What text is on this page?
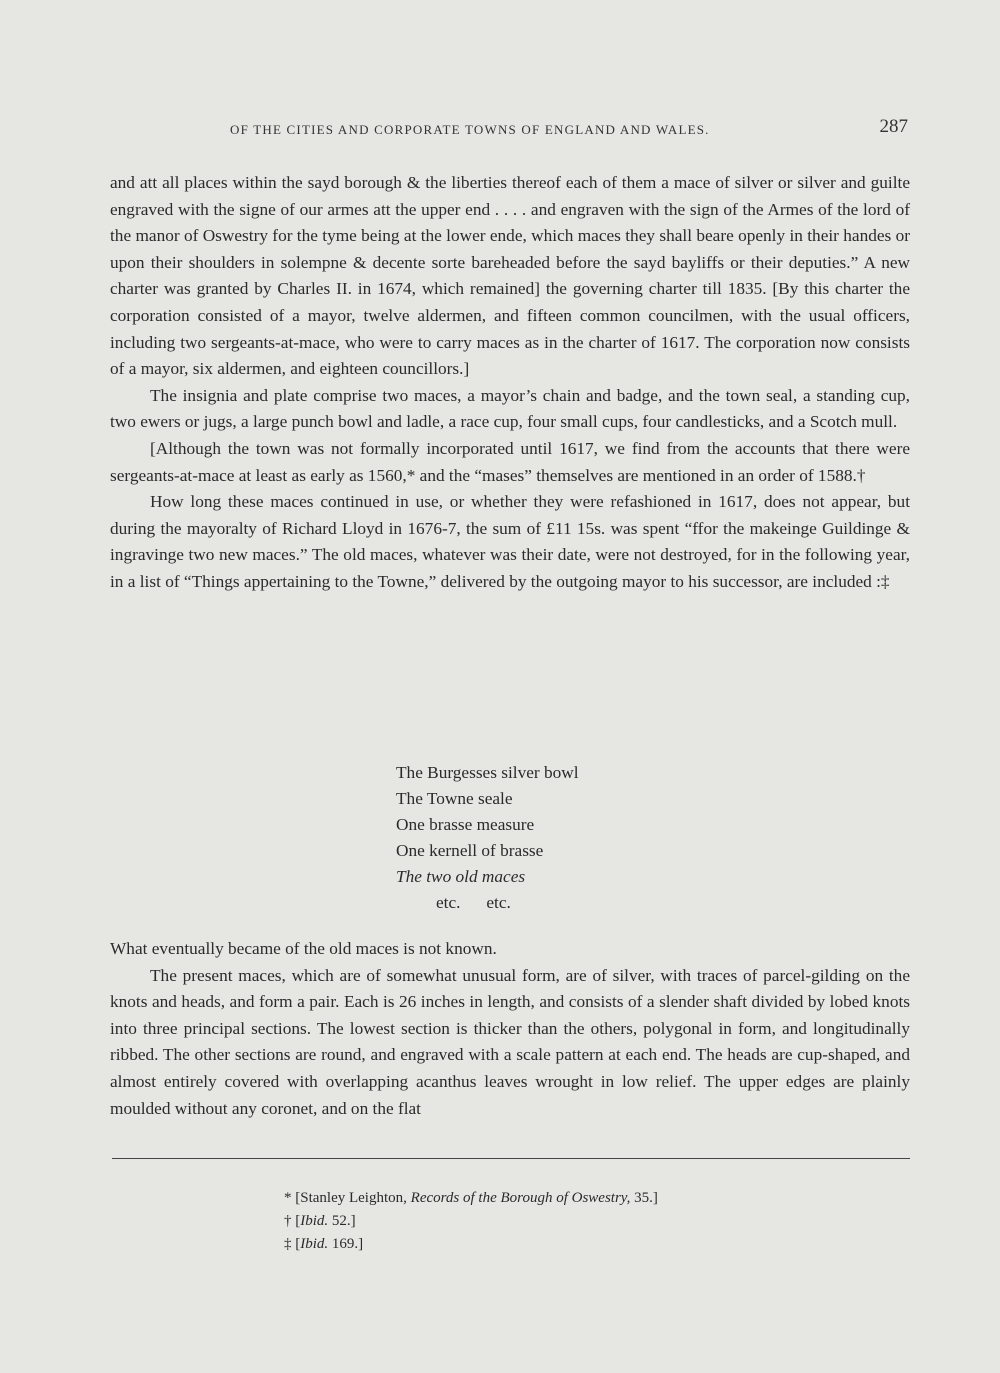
OF THE CITIES AND CORPORATE TOWNS OF ENGLAND AND WALES.	287

and att all places within the sayd borough & the liberties thereof each of them a mace of silver or silver and guilte engraved with the signe of our armes att the upper end . . . . and engraven with the sign of the Armes of the lord of the manor of Oswestry for the tyme being at the lower ende, which maces they shall beare openly in their handes or upon their shoulders in solempne & decente sorte bareheaded before the sayd bayliffs or their deputies.” A new charter was granted by Charles II. in 1674, which remained] the governing charter till 1835. [By this charter the corporation consisted of a mayor, twelve aldermen, and fifteen common councilmen, with the usual officers, including two sergeants-at-mace, who were to carry maces as in the charter of 1617. The corporation now consists of a mayor, six aldermen, and eighteen councillors.]

The insignia and plate comprise two maces, a mayor’s chain and badge, and the town seal, a standing cup, two ewers or jugs, a large punch bowl and ladle, a race cup, four small cups, four candlesticks, and a Scotch mull.

[Although the town was not formally incorporated until 1617, we find from the accounts that there were sergeants-at-mace at least as early as 1560,* and the “mases” themselves are mentioned in an order of 1588.†

How long these maces continued in use, or whether they were refashioned in 1617, does not appear, but during the mayoralty of Richard Lloyd in 1676-7, the sum of £11 15s. was spent “ffor the makeinge Guildinge & ingravinge two new maces.” The old maces, whatever was their date, were not destroyed, for in the following year, in a list of “Things appertaining to the Towne,” delivered by the outgoing mayor to his successor, are included :‡

The Burgesses silver bowl
The Towne seale
One brasse measure
One kernell of brasse
The two old maces
etc.      etc.

What eventually became of the old maces is not known.

The present maces, which are of somewhat unusual form, are of silver, with traces of parcel-gilding on the knots and heads, and form a pair. Each is 26 inches in length, and consists of a slender shaft divided by lobed knots into three principal sections. The lowest section is thicker than the others, polygonal in form, and longitudinally ribbed. The other sections are round, and engraved with a scale pattern at each end. The heads are cup-shaped, and almost entirely covered with overlapping acanthus leaves wrought in low relief. The upper edges are plainly moulded without any coronet, and on the flat

* [Stanley Leighton, Records of the Borough of Oswestry, 35.]
† [Ibid. 52.]
‡ [Ibid. 169.]
